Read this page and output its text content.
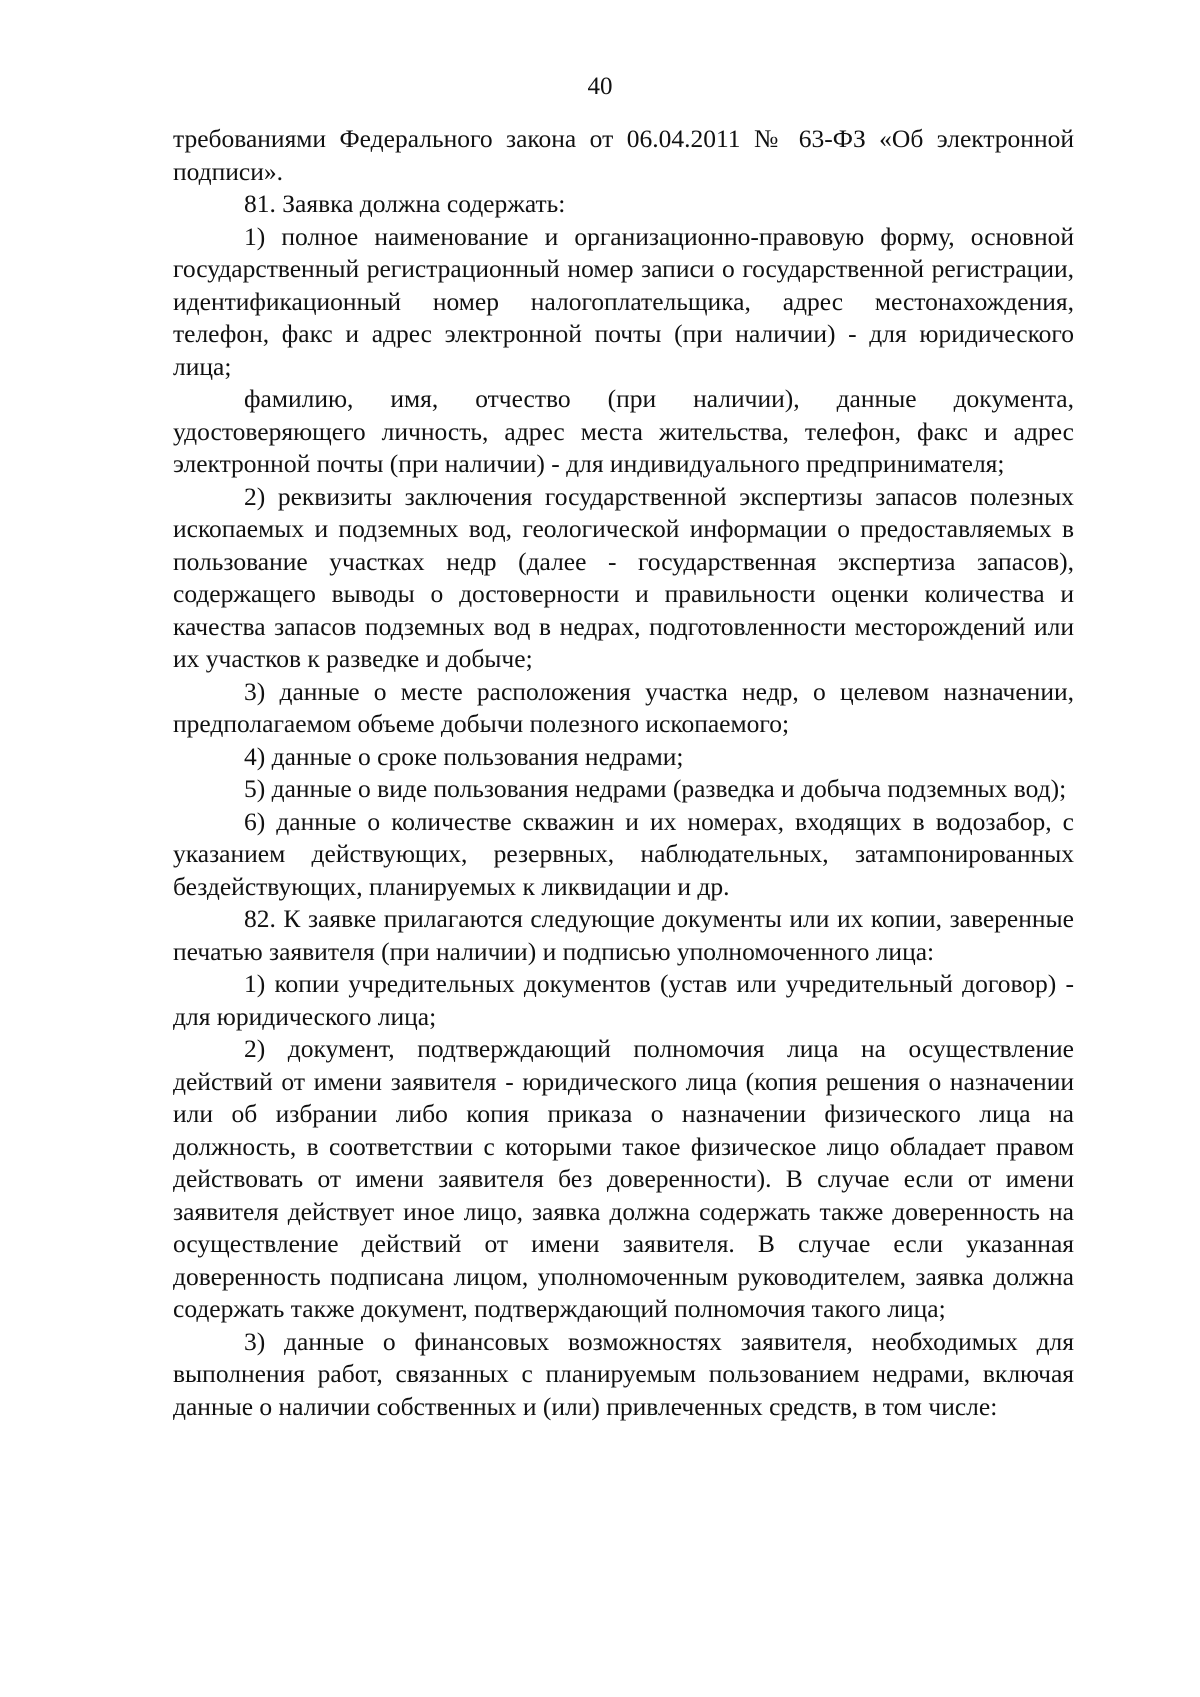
40

требованиями Федерального закона от 06.04.2011 № 63-ФЗ «Об электронной подписи».

81. Заявка должна содержать:

1) полное наименование и организационно-правовую форму, основной государственный регистрационный номер записи о государственной регистрации, идентификационный номер налогоплательщика, адрес местонахождения, телефон, факс и адрес электронной почты (при наличии) - для юридического лица;

фамилию, имя, отчество (при наличии), данные документа, удостоверяющего личность, адрес места жительства, телефон, факс и адрес электронной почты (при наличии) - для индивидуального предпринимателя;

2) реквизиты заключения государственной экспертизы запасов полезных ископаемых и подземных вод, геологической информации о предоставляемых в пользование участках недр (далее - государственная экспертиза запасов), содержащего выводы о достоверности и правильности оценки количества и качества запасов подземных вод в недрах, подготовленности месторождений или их участков к разведке и добыче;

3) данные о месте расположения участка недр, о целевом назначении, предполагаемом объеме добычи полезного ископаемого;

4) данные о сроке пользования недрами;

5) данные о виде пользования недрами (разведка и добыча подземных вод);

6) данные о количестве скважин и их номерах, входящих в водозабор, с указанием действующих, резервных, наблюдательных, затампонированных бездействующих, планируемых к ликвидации и др.

82. К заявке прилагаются следующие документы или их копии, заверенные печатью заявителя (при наличии) и подписью уполномоченного лица:

1) копии учредительных документов (устав или учредительный договор) - для юридического лица;

2) документ, подтверждающий полномочия лица на осуществление действий от имени заявителя - юридического лица (копия решения о назначении или об избрании либо копия приказа о назначении физического лица на должность, в соответствии с которыми такое физическое лицо обладает правом действовать от имени заявителя без доверенности). В случае если от имени заявителя действует иное лицо, заявка должна содержать также доверенность на осуществление действий от имени заявителя. В случае если указанная доверенность подписана лицом, уполномоченным руководителем, заявка должна содержать также документ, подтверждающий полномочия такого лица;

3) данные о финансовых возможностях заявителя, необходимых для выполнения работ, связанных с планируемым пользованием недрами, включая данные о наличии собственных и (или) привлеченных средств, в том числе:
